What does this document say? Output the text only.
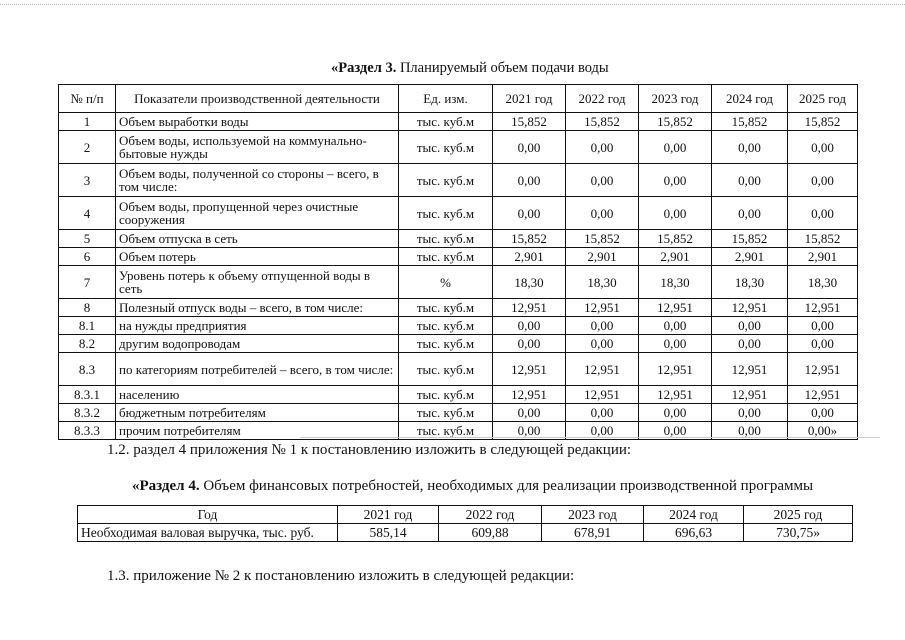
«Раздел 3. Планируемый объем подачи воды
№ п/п	Показатели производственной деятельности	Ед. изм.	2021 год	2022 год	2023 год	2024 год	2025 год
1	Объем выработки воды	тыс. куб.м	15,852	15,852	15,852	15,852	15,852
2	Объем воды, используемой на коммунально-бытовые нужды	тыс. куб.м	0,00	0,00	0,00	0,00	0,00
3	Объем воды, полученной со стороны – всего, в том числе:	тыс. куб.м	0,00	0,00	0,00	0,00	0,00
4	Объем воды, пропущенной через очистные сооружения	тыс. куб.м	0,00	0,00	0,00	0,00	0,00
5	Объем отпуска в сеть	тыс. куб.м	15,852	15,852	15,852	15,852	15,852
6	Объем потерь	тыс. куб.м	2,901	2,901	2,901	2,901	2,901
7	Уровень потерь к объему отпущенной воды в сеть	%	18,30	18,30	18,30	18,30	18,30
8	Полезный отпуск воды – всего, в том числе:	тыс. куб.м	12,951	12,951	12,951	12,951	12,951
8.1	на нужды предприятия	тыс. куб.м	0,00	0,00	0,00	0,00	0,00
8.2	другим водопроводам	тыс. куб.м	0,00	0,00	0,00	0,00	0,00
8.3	по категориям потребителей – всего, в том числе:	тыс. куб.м	12,951	12,951	12,951	12,951	12,951
8.3.1	населению	тыс. куб.м	12,951	12,951	12,951	12,951	12,951
8.3.2	бюджетным потребителям	тыс. куб.м	0,00	0,00	0,00	0,00	0,00
8.3.3	прочим потребителям	тыс. куб.м	0,00	0,00	0,00	0,00	0,00»
1.2. раздел 4 приложения № 1 к постановлению изложить в следующей редакции:
«Раздел 4. Объем финансовых потребностей, необходимых для реализации производственной программы
Год	2021 год	2022 год	2023 год	2024 год	2025 год
Необходимая валовая выручка, тыс. руб.	585,14	609,88	678,91	696,63	730,75»
1.3. приложение № 2 к постановлению изложить в следующей редакции:
